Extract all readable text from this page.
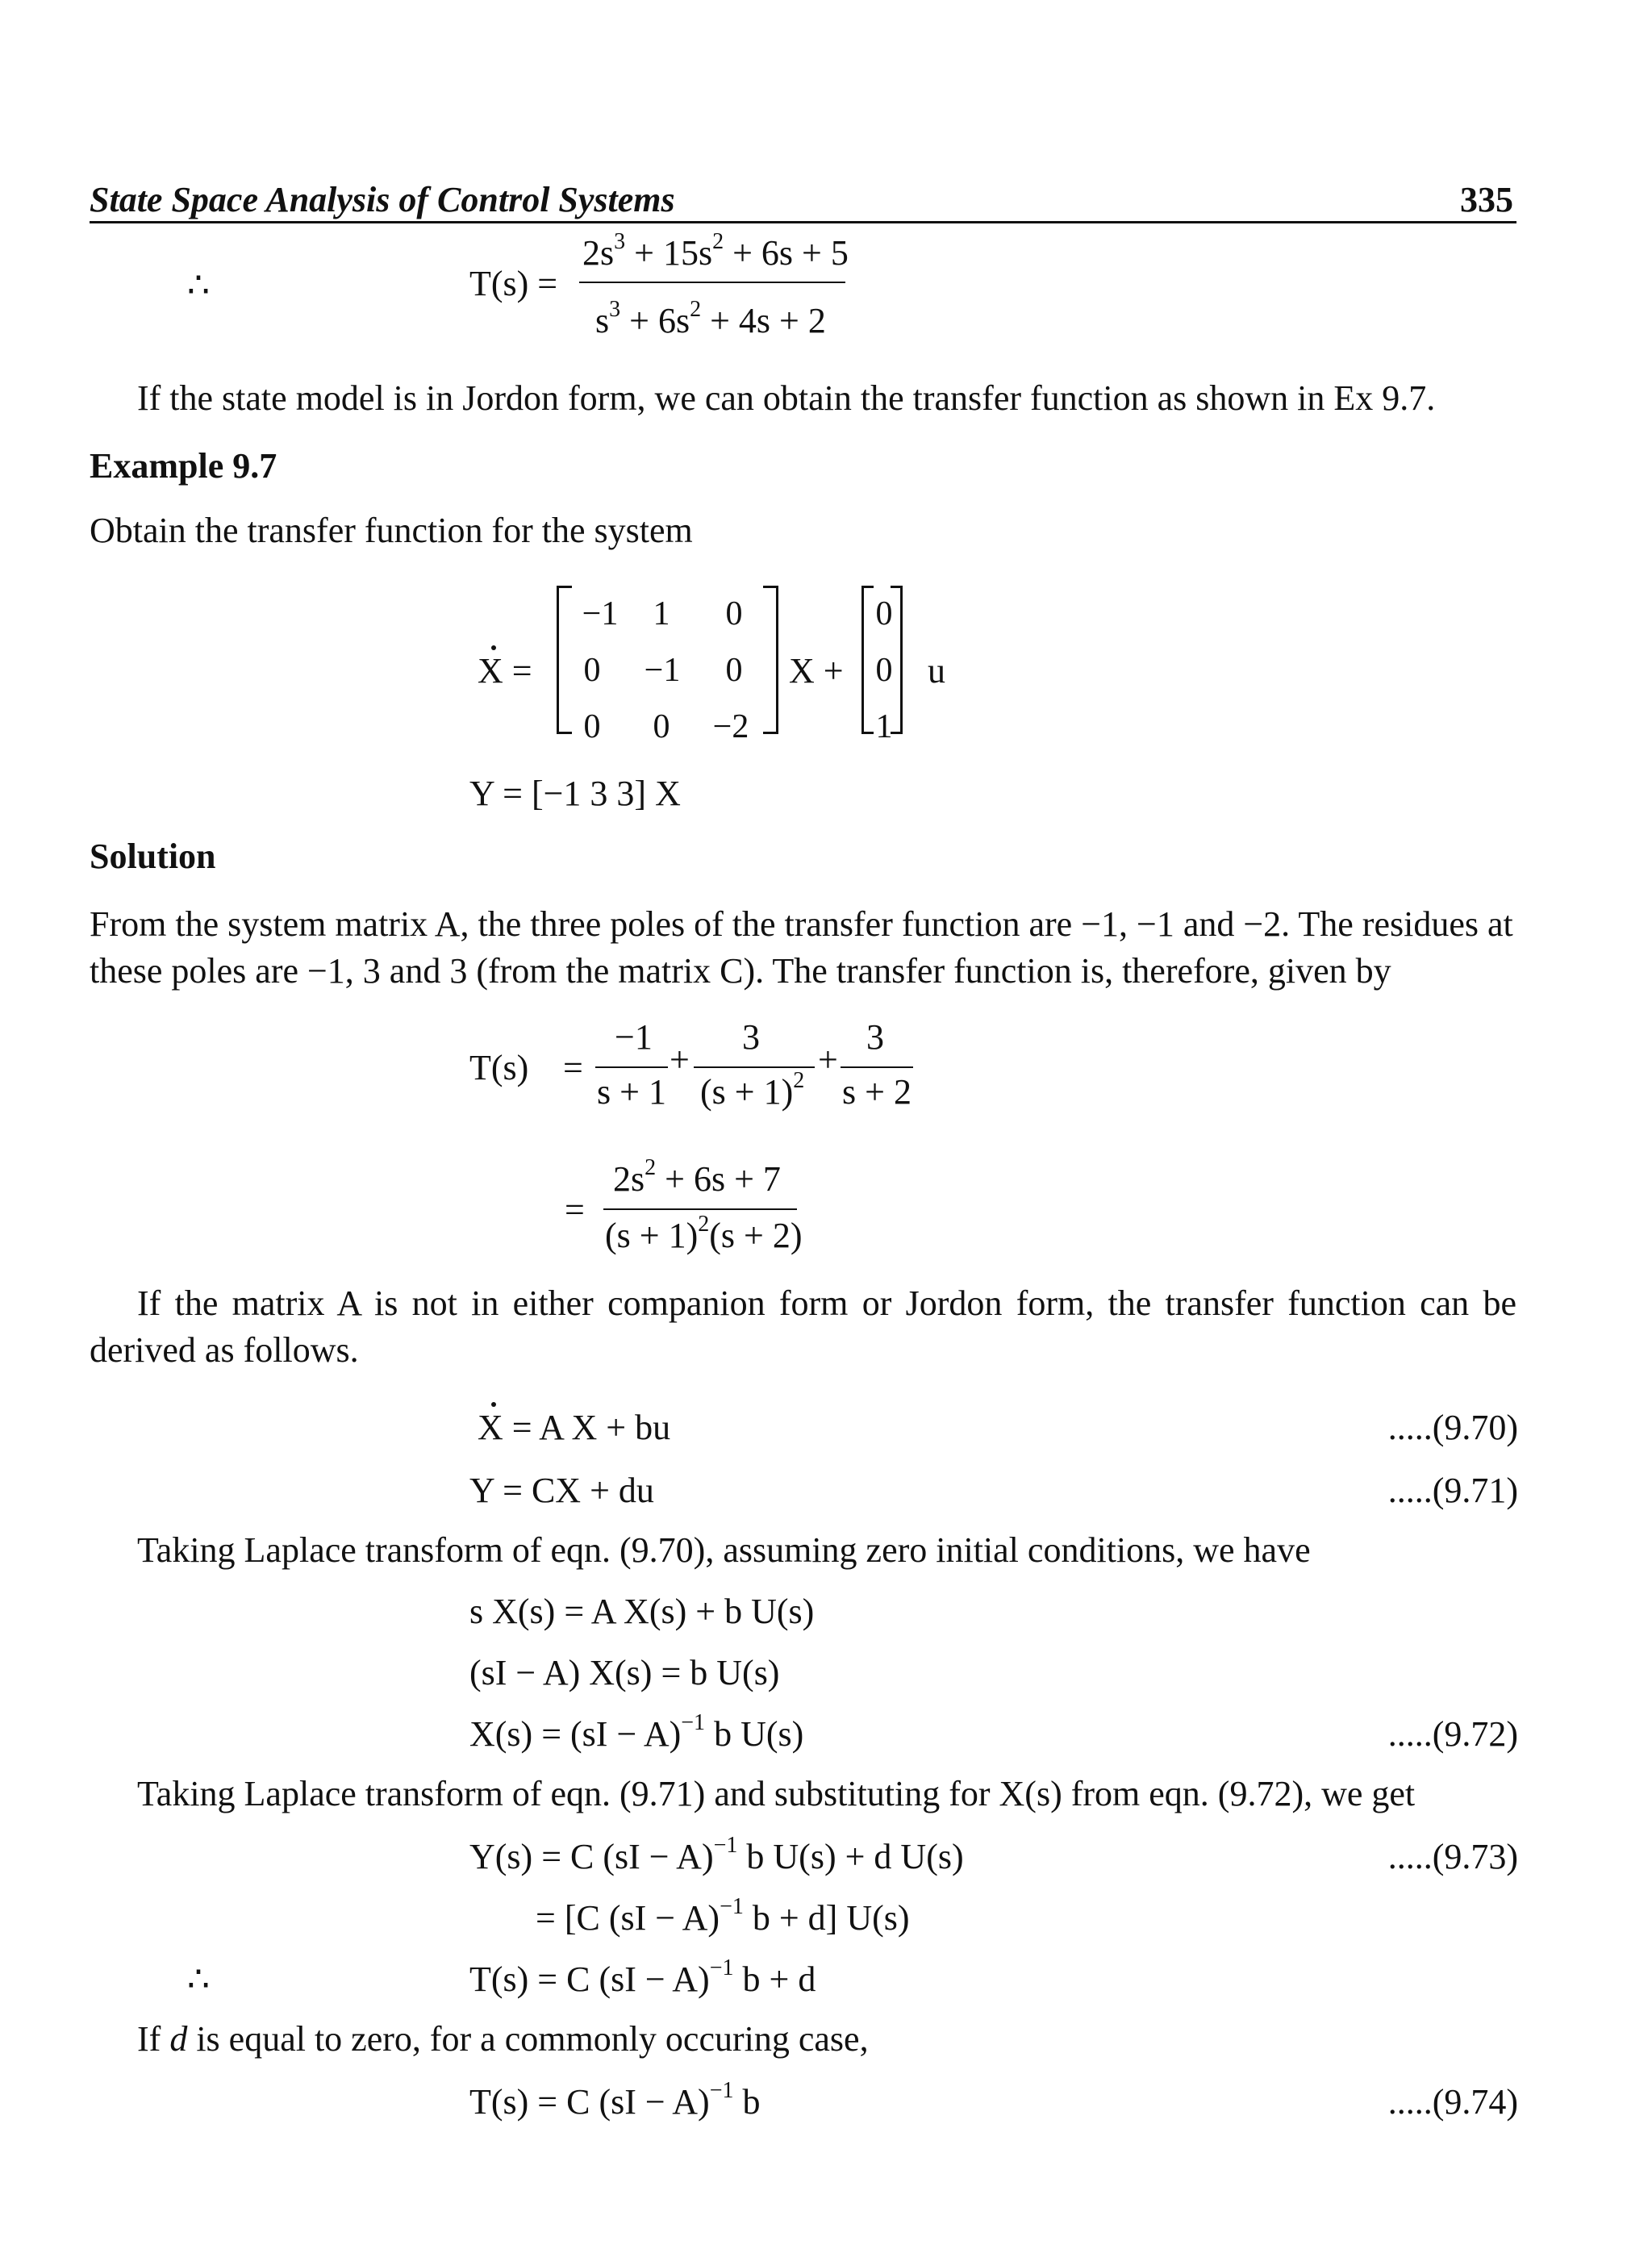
State Space Analysis of Control Systems	335
∴	T(s) =
$2s^3 + 15s^2 + 6s + 5$
$s^3 + 6s^2 + 4s + 2$
If the state model is in Jordon form, we can obtain the transfer function as shown in Ex 9.7.
Example 9.7
Obtain the transfer function for the system
X =
−1	1	0
0	−1	0
0	0	−2
X +
0
0
1
u
Y = [−1 3 3] X
Solution
From the system matrix A, the three poles of the transfer function are −1, −1 and −2. The residues at
these poles are −1, 3 and 3 (from the matrix C). The transfer function is, therefore, given by
T(s) =
−1
s + 1
+
3
$(s + 1)^2$
+
3
s + 2
=
$2s^2 + 6s + 7$
$(s + 1)^2(s + 2)$
If the matrix A is not in either companion form or Jordon form, the transfer function can be
derived as follows.
X = A X + bu	.....(9.70)
Y = CX + du	.....(9.71)
Taking Laplace transform of eqn. (9.70), assuming zero initial conditions, we have
s X(s) = A X(s) + b U(s)
(sI − A) X(s) = b U(s)
X(s) = (sI − A)$^{-1}$ b U(s)	.....(9.72)
Taking Laplace transform of eqn. (9.71) and substituting for X(s) from eqn. (9.72), we get
Y(s) = C (sI − A)$^{-1}$ b U(s) + d U(s)	.....(9.73)
= [C (sI − A)$^{-1}$ b + d] U(s)
∴	T(s) = C (sI − A)$^{-1}$ b + d
If d is equal to zero, for a commonly occuring case,
T(s) = C (sI − A)$^{-1}$ b	.....(9.74)
